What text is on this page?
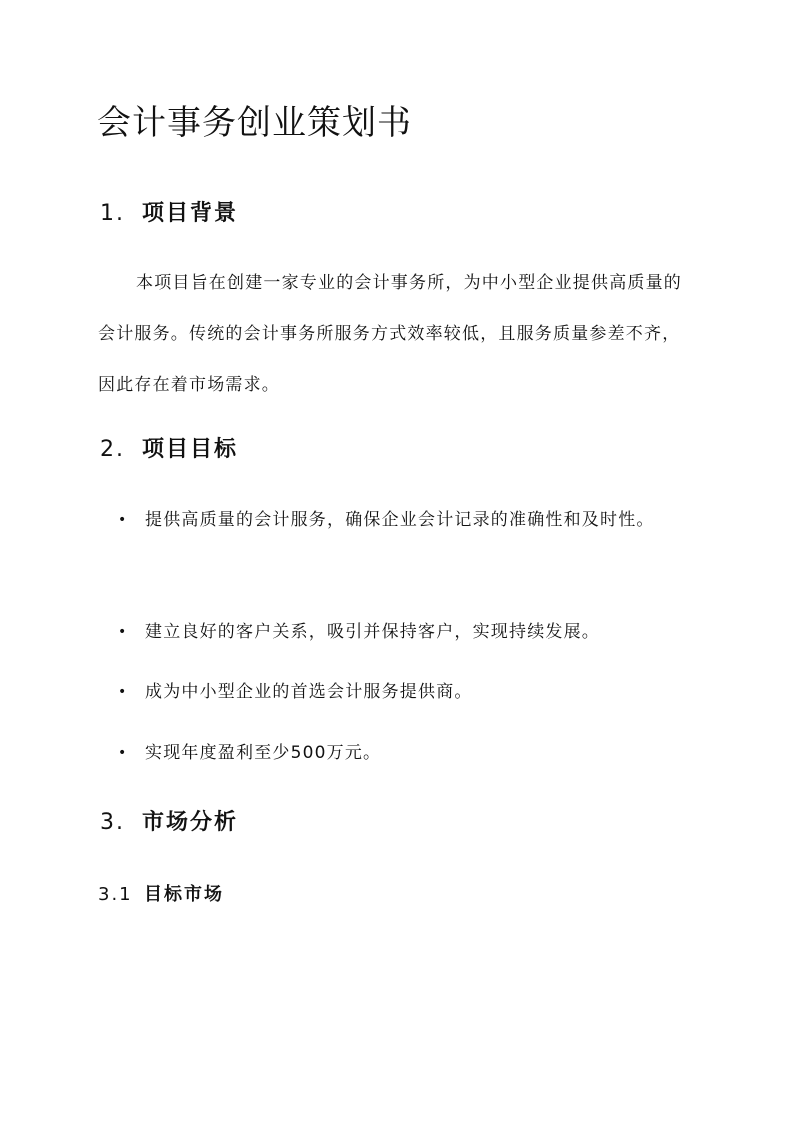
会计事务创业策划书
1. 项目背景

本项目旨在创建一家专业的会计事务所，为中小型企业提供高质量的会计服务。传统的会计事务所服务方式效率较低，且服务质量参差不齐，因此存在着市场需求。

2. 项目目标
• 提供高质量的会计服务，确保企业会计记录的准确性和及时性。
• 建立良好的客户关系，吸引并保持客户，实现持续发展。
• 成为中小型企业的首选会计服务提供商。
• 实现年度盈利至少500万元。
3. 市场分析
3.1 目标市场
